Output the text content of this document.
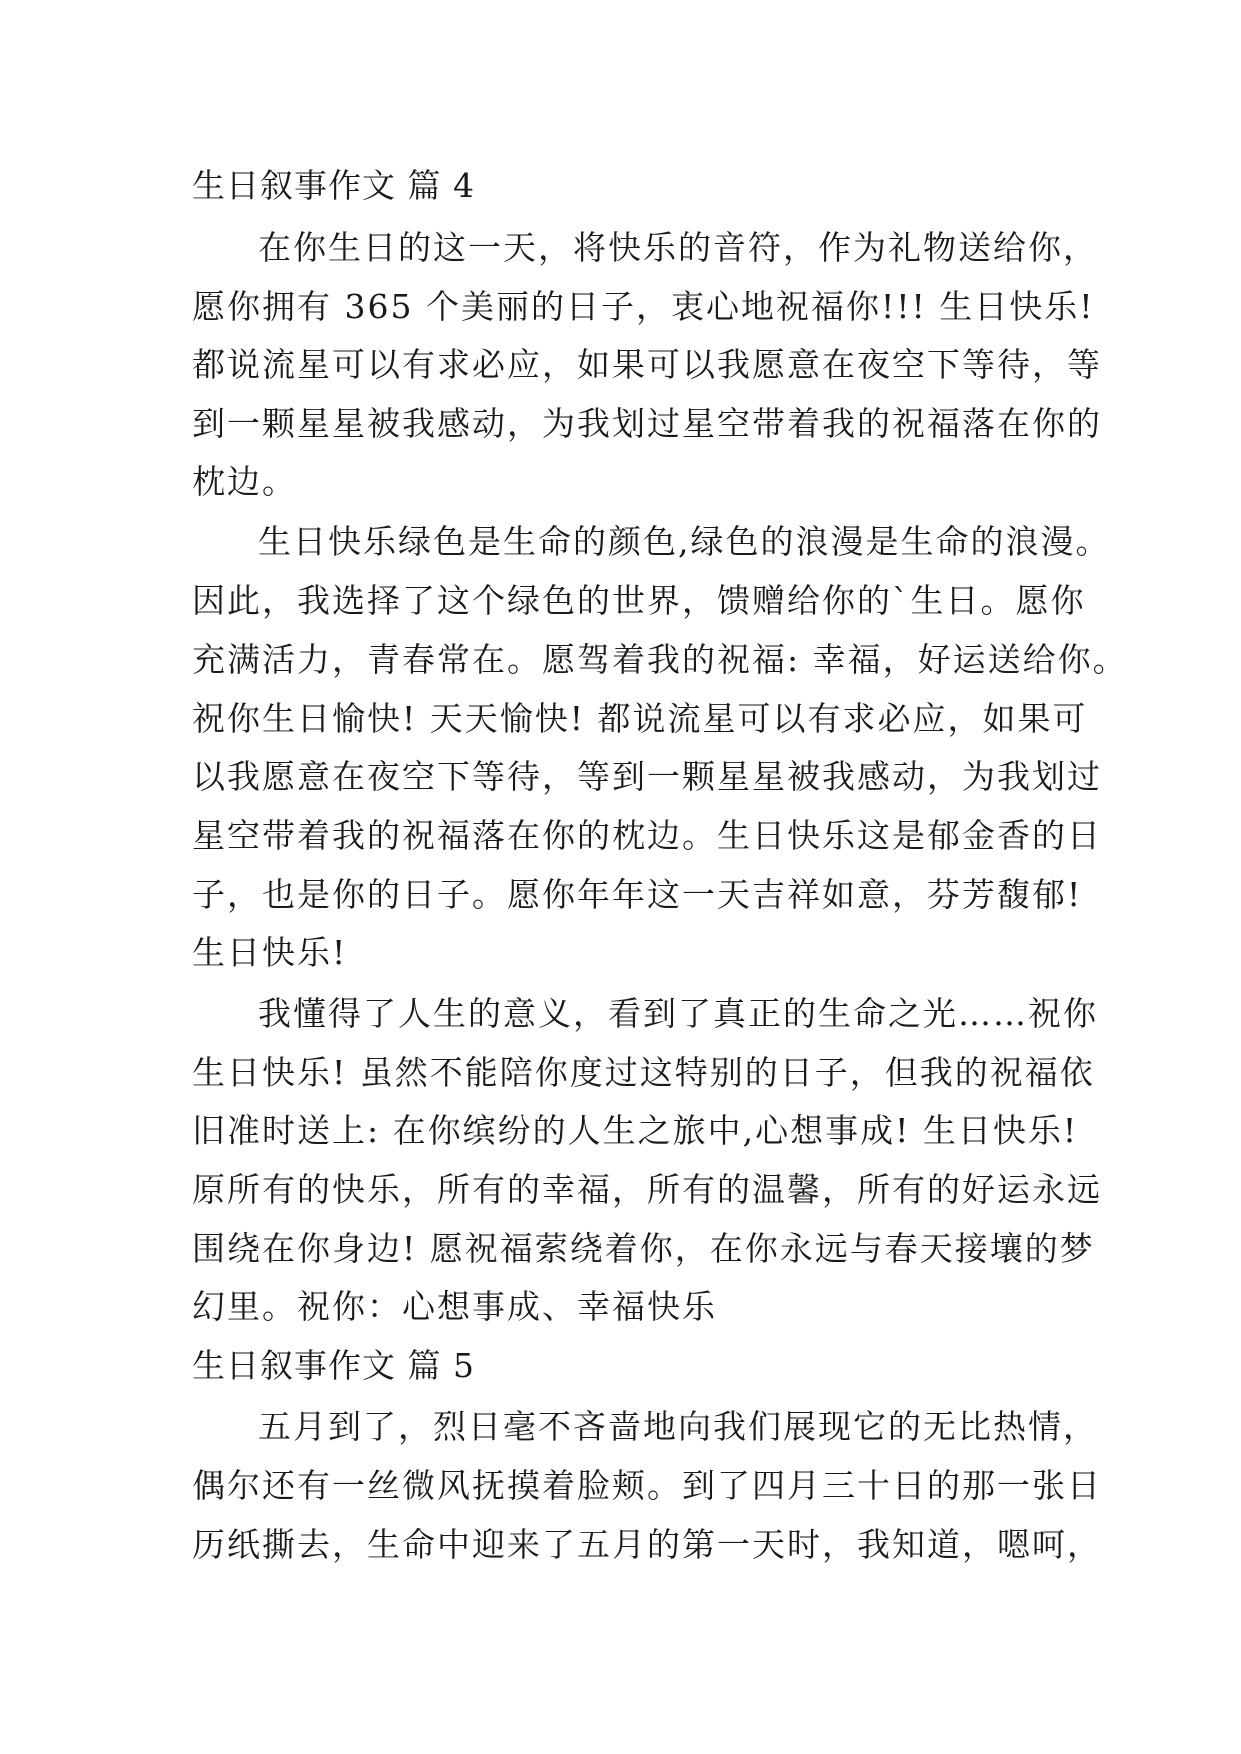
生日叙事作文 篇 4
在你生日的这一天，将快乐的音符，作为礼物送给你，
愿你拥有 365 个美丽的日子，衷心地祝福你!!! 生日快乐!
都说流星可以有求必应，如果可以我愿意在夜空下等待，等
到一颗星星被我感动，为我划过星空带着我的祝福落在你的
枕边。
生日快乐绿色是生命的颜色,绿色的浪漫是生命的浪漫。
因此，我选择了这个绿色的世界，馈赠给你的`生日。愿你
充满活力，青春常在。愿驾着我的祝福: 幸福，好运送给你。
祝你生日愉快! 天天愉快! 都说流星可以有求必应，如果可
以我愿意在夜空下等待，等到一颗星星被我感动，为我划过
星空带着我的祝福落在你的枕边。生日快乐这是郁金香的日
子，也是你的日子。愿你年年这一天吉祥如意，芬芳馥郁!
生日快乐!
我懂得了人生的意义，看到了真正的生命之光……祝你
生日快乐! 虽然不能陪你度过这特别的日子，但我的祝福依
旧准时送上: 在你缤纷的人生之旅中,心想事成! 生日快乐!
原所有的快乐，所有的幸福，所有的温馨，所有的好运永远
围绕在你身边! 愿祝福萦绕着你，在你永远与春天接壤的梦
幻里。祝你：心想事成、幸福快乐
生日叙事作文 篇 5
五月到了，烈日毫不吝啬地向我们展现它的无比热情，
偶尔还有一丝微风抚摸着脸颊。到了四月三十日的那一张日
历纸撕去，生命中迎来了五月的第一天时，我知道，嗯呵，
